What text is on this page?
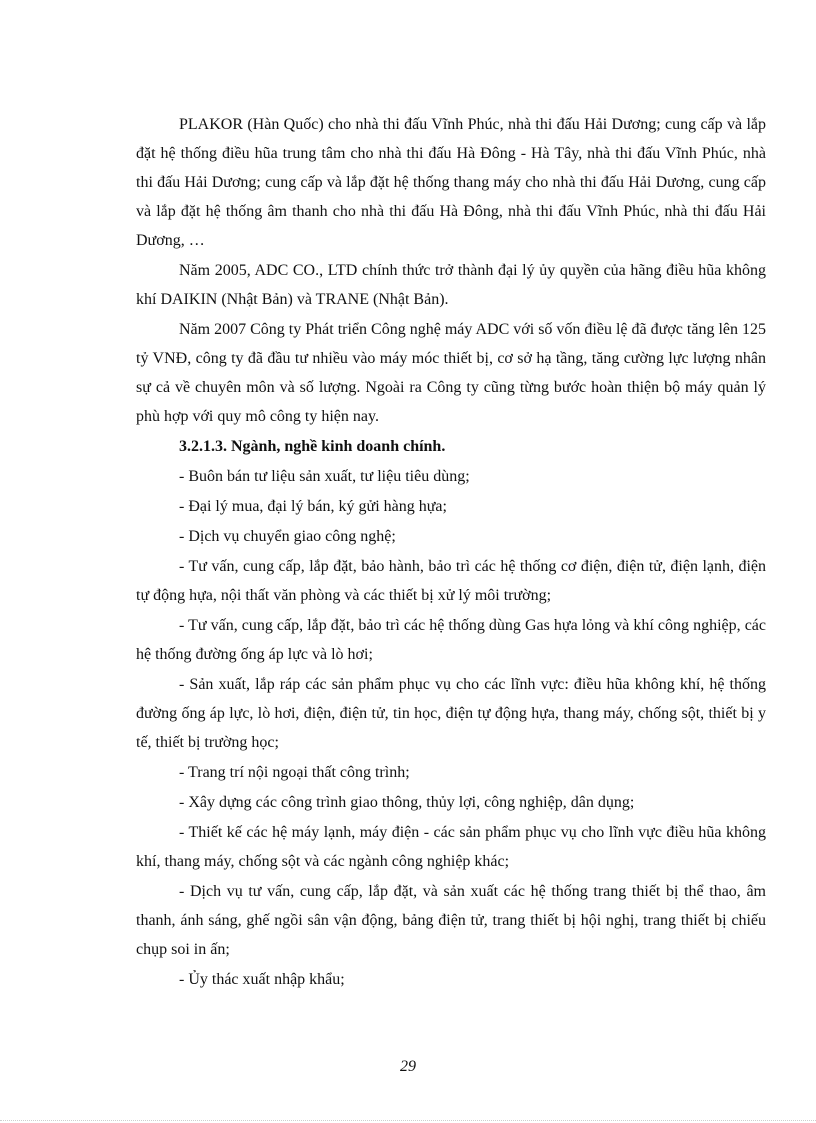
PLAKOR (Hàn Quốc) cho nhà thi đấu Vĩnh Phúc, nhà thi đấu Hải Dương; cung cấp và lắp đặt hệ thống điều hũa trung tâm cho nhà thi đấu Hà Đông - Hà Tây, nhà thi đấu Vĩnh Phúc, nhà thi đấu Hải Dương; cung cấp và lắp đặt hệ thống thang máy cho nhà thi đấu Hải Dương, cung cấp và lắp đặt hệ thống âm thanh cho nhà thi đấu Hà Đông, nhà thi đấu Vĩnh Phúc, nhà thi đấu Hải Dương, …

Năm 2005, ADC CO., LTD chính thức trở thành đại lý ủy quyền của hãng điều hũa không khí DAIKIN (Nhật Bản) và TRANE (Nhật Bản).

Năm 2007 Công ty Phát triển Công nghệ máy ADC với số vốn điều lệ đã được tăng lên 125 tỷ VNĐ, công ty đã đầu tư nhiều vào máy móc thiết bị, cơ sở hạ tầng, tăng cường lực lượng nhân sự cả về chuyên môn và số lượng. Ngoài ra Công ty cũng từng bước hoàn thiện bộ máy quản lý phù hợp với quy mô công ty hiện nay.

3.2.1.3. Ngành, nghề kinh doanh chính.

- Buôn bán tư liệu sản xuất, tư liệu tiêu dùng;

- Đại lý mua, đại lý bán, ký gửi hàng hựa;

- Dịch vụ chuyển giao công nghệ;

- Tư vấn, cung cấp, lắp đặt, bảo hành, bảo trì các hệ thống cơ điện, điện tử, điện lạnh, điện tự động hựa, nội thất văn phòng và các thiết bị xử lý môi trường;

- Tư vấn, cung cấp, lắp đặt, bảo trì các hệ thống dùng Gas hựa lỏng và khí công nghiệp, các hệ thống đường ống áp lực và lò hơi;

- Sản xuất, lắp ráp các sản phẩm phục vụ cho các lĩnh vực: điều hũa không khí, hệ thống đường ống áp lực, lò hơi, điện, điện tử, tin học, điện tự động hựa, thang máy, chống sột, thiết bị y tế, thiết bị trường học;

- Trang trí nội ngoại thất công trình;

- Xây dựng các công trình giao thông, thủy lợi, công nghiệp, dân dụng;

- Thiết kế các hệ máy lạnh, máy điện - các sản phẩm phục vụ cho lĩnh vực điều hũa không khí, thang máy, chống sột và các ngành công nghiệp khác;

- Dịch vụ tư vấn, cung cấp, lắp đặt, và sản xuất các hệ thống trang thiết bị thể thao, âm thanh, ánh sáng, ghế ngồi sân vận động, bảng điện tử, trang thiết bị hội nghị, trang thiết bị chiếu chụp soi in ấn;

- Ủy thác xuất nhập khẩu;

29
